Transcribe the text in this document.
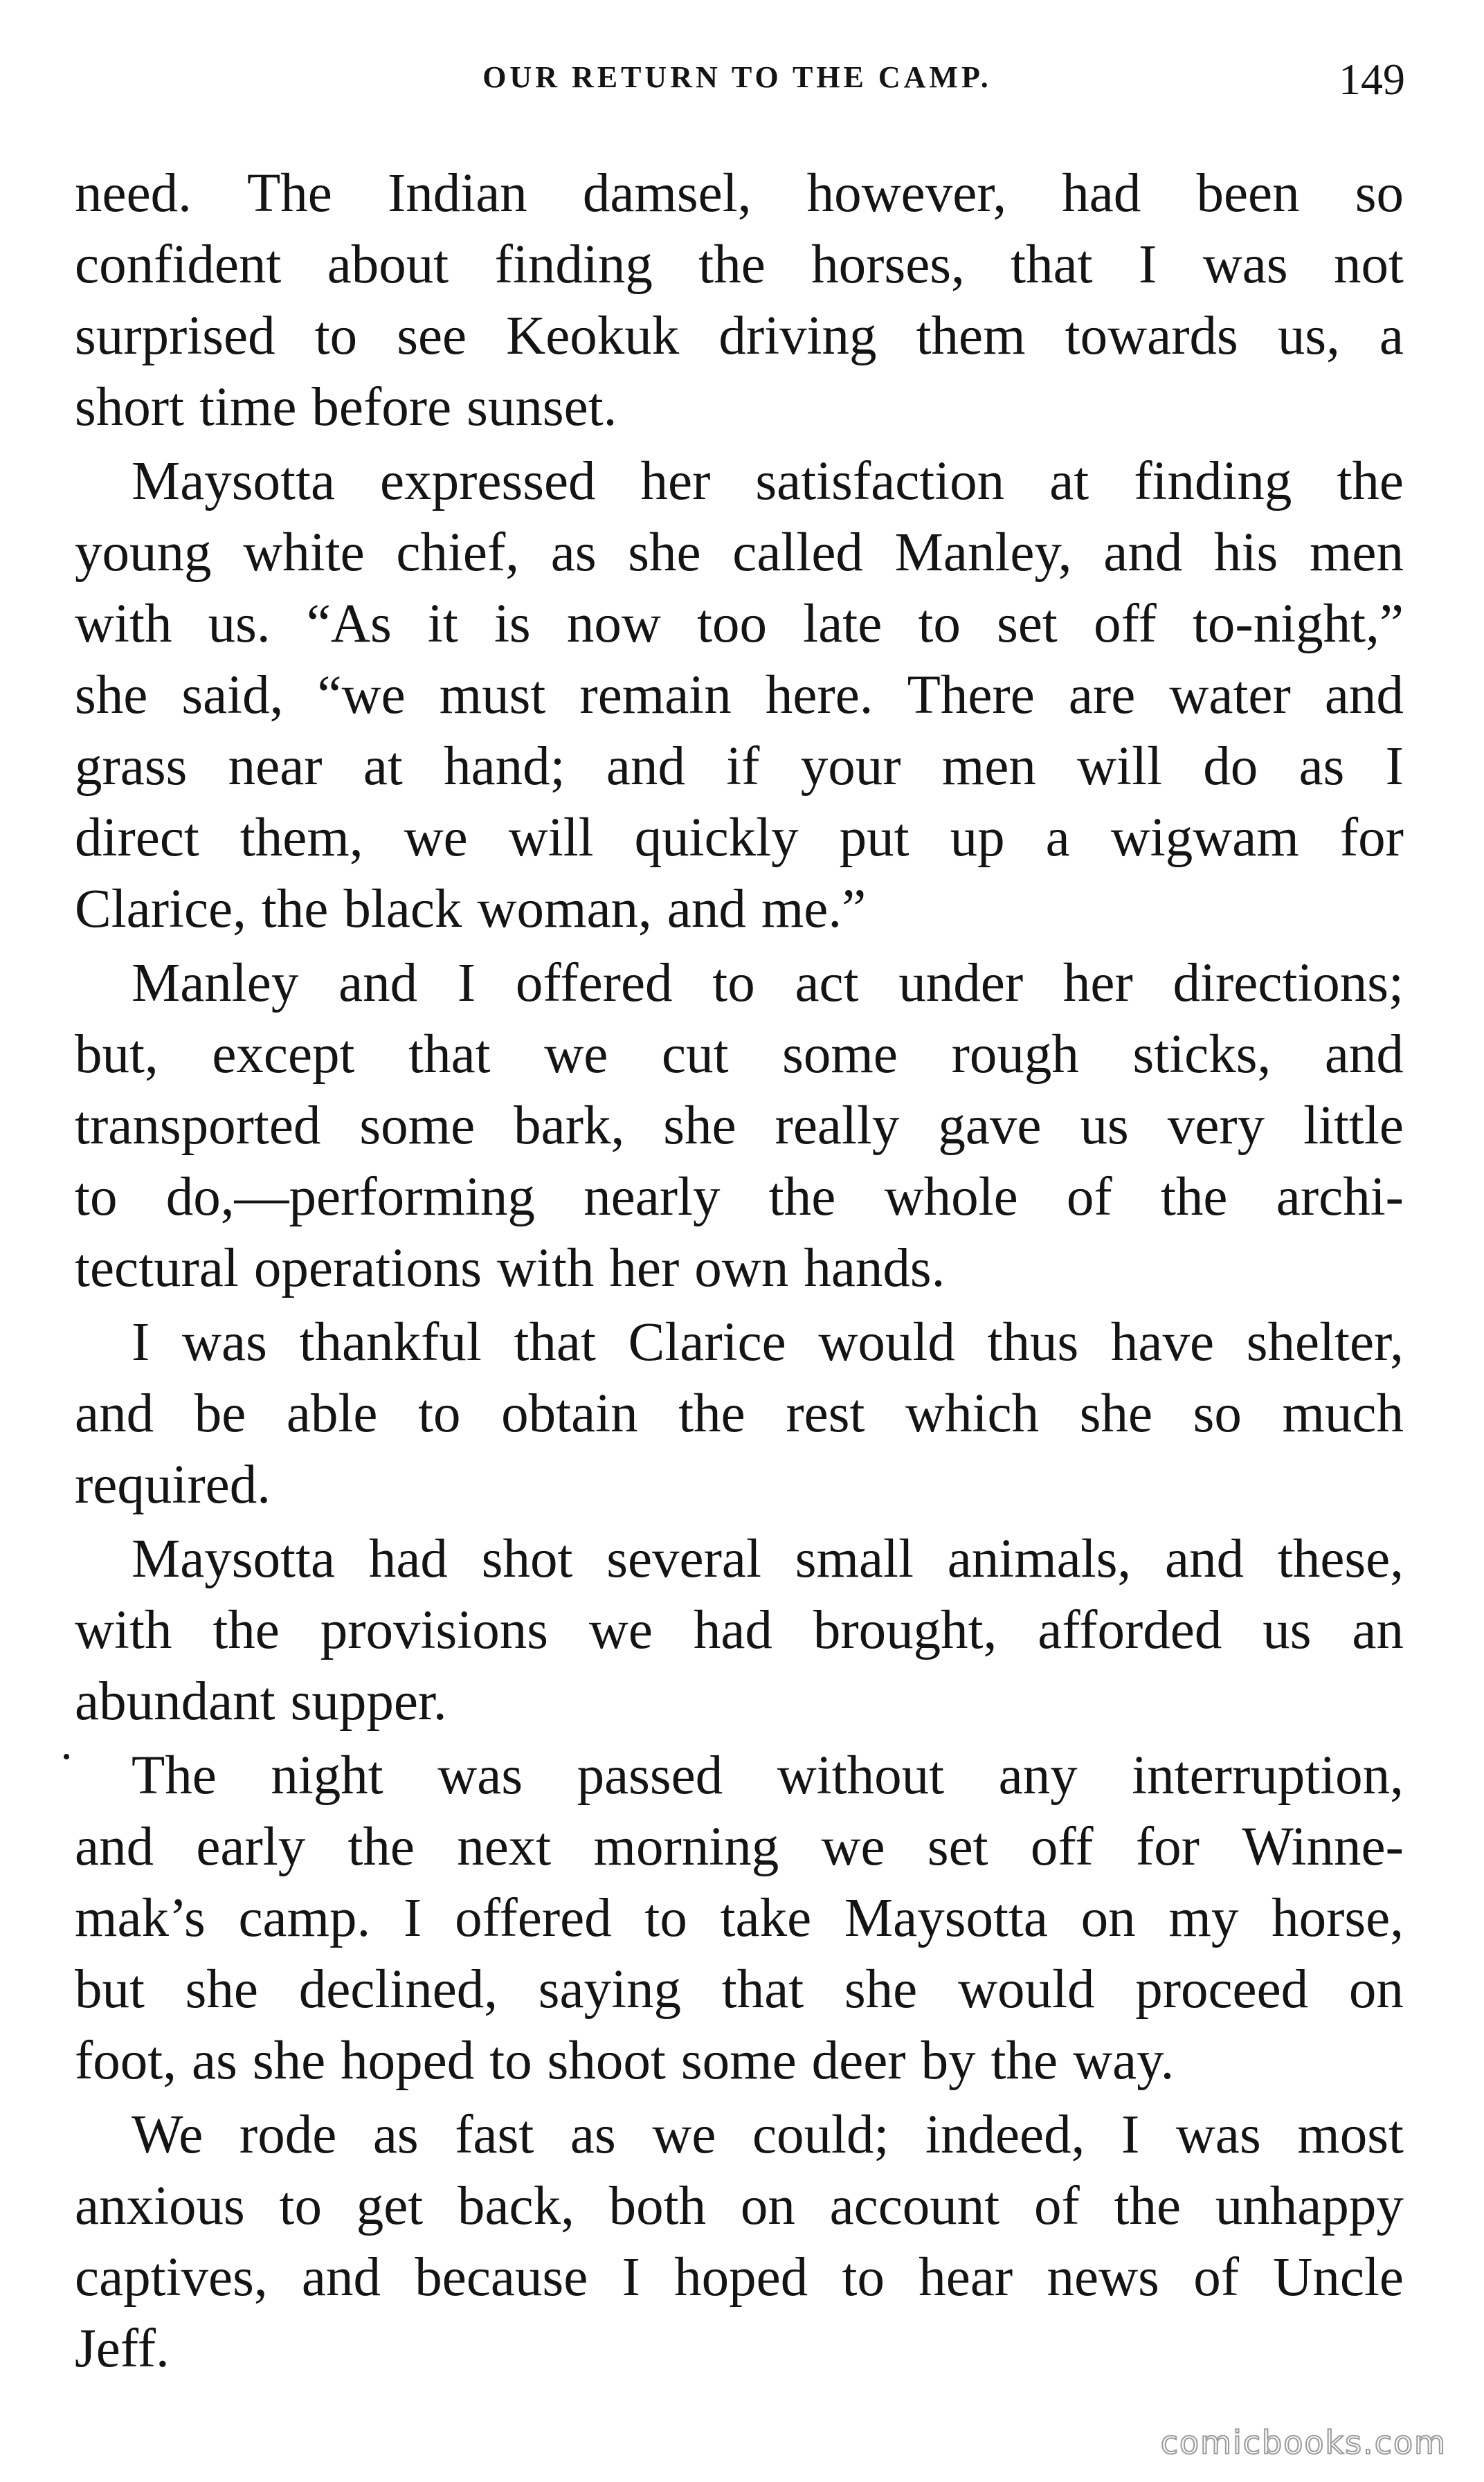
OUR RETURN TO THE CAMP.	149
need. The Indian damsel, however, had been so
confident about finding the horses, that I was not
surprised to see Keokuk driving them towards us, a
short time before sunset.
Maysotta expressed her satisfaction at finding the
young white chief, as she called Manley, and his men
with us. “As it is now too late to set off to-night,”
she said, “we must remain here. There are water and
grass near at hand; and if your men will do as I
direct them, we will quickly put up a wigwam for
Clarice, the black woman, and me.”
Manley and I offered to act under her directions;
but, except that we cut some rough sticks, and
transported some bark, she really gave us very little
to do,—performing nearly the whole of the archi-
tectural operations with her own hands.
I was thankful that Clarice would thus have shelter,
and be able to obtain the rest which she so much
required.
Maysotta had shot several small animals, and these,
with the provisions we had brought, afforded us an
abundant supper.
The night was passed without any interruption,
and early the next morning we set off for Winne-
mak’s camp. I offered to take Maysotta on my horse,
but she declined, saying that she would proceed on
foot, as she hoped to shoot some deer by the way.
We rode as fast as we could; indeed, I was most
anxious to get back, both on account of the unhappy
captives, and because I hoped to hear news of Uncle
Jeff.
comicbooks.com
